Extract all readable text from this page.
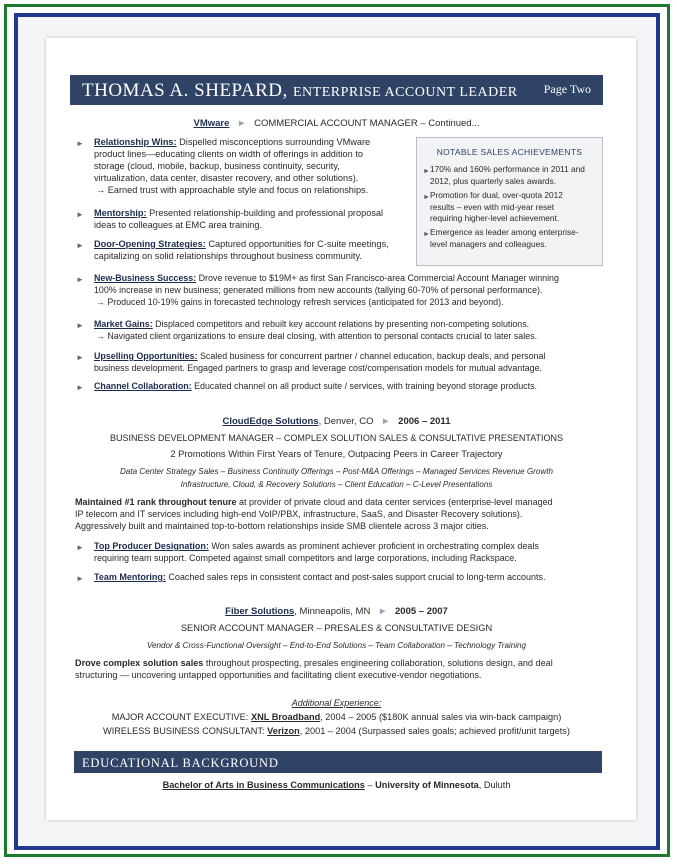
THOMAS A. SHEPARD, ENTERPRISE ACCOUNT LEADER Page Two
VMware ► COMMERCIAL ACCOUNT MANAGER – Continued...
NOTABLE SALES ACHIEVEMENTS
► 170% and 160% performance in 2011 and
2012, plus quarterly sales awards.
► Promotion for dual, over-quota 2012
results – even with mid-year reset
requiring higher-level achievement.
► Emergence as leader among enterprise-
level managers and colleagues.
► Relationship Wins: Dispelled misconceptions surrounding VMware
product lines—educating clients on width of offerings in addition to
storage (cloud, mobile, backup, business continuity, security,
virtualization, data center, disaster recovery, and other solutions).
→ Earned trust with approachable style and focus on relationships.
► Mentorship: Presented relationship-building and professional proposal
ideas to colleagues at EMC area training.
► Door-Opening Strategies: Captured opportunities for C-suite meetings,
capitalizing on solid relationships throughout business community.
► New-Business Success: Drove revenue to $19M+ as first San Francisco-area Commercial Account Manager winning
100% increase in new business; generated millions from new accounts (tallying 60-70% of personal performance).
→ Produced 10-19% gains in forecasted technology refresh services (anticipated for 2013 and beyond).
► Market Gains: Displaced competitors and rebuilt key account relations by presenting non-competing solutions.
→ Navigated client organizations to ensure deal closing, with attention to personal contacts crucial to later sales.
► Upselling Opportunities: Scaled business for concurrent partner / channel education, backup deals, and personal
business development. Engaged partners to grasp and leverage cost/compensation models for mutual advantage.
► Channel Collaboration: Educated channel on all product suite / services, with training beyond storage products.
CloudEdge Solutions, Denver, CO ► 2006 – 2011
BUSINESS DEVELOPMENT MANAGER – COMPLEX SOLUTION SALES & CONSULTATIVE PRESENTATIONS
2 Promotions Within First Years of Tenure, Outpacing Peers in Career Trajectory
Data Center Strategy Sales – Business Continuity Offerings – Post-M&A Offerings – Managed Services Revenue Growth
Infrastructure, Cloud, & Recovery Solutions – Client Education – C-Level Presentations
Maintained #1 rank throughout tenure at provider of private cloud and data center services (enterprise-level managed
IP telecom and IT services including high-end VoIP/PBX, infrastructure, SaaS, and Disaster Recovery solutions).
Aggressively built and maintained top-to-bottom relationships inside SMB clientele across 3 major cities.
► Top Producer Designation: Won sales awards as prominent achiever proficient in orchestrating complex deals
requiring team support. Competed against small competitors and large corporations, including Rackspace.
► Team Mentoring: Coached sales reps in consistent contact and post-sales support crucial to long-term accounts.
Fiber Solutions, Minneapolis, MN ► 2005 – 2007
SENIOR ACCOUNT MANAGER – PRESALES & CONSULTATIVE DESIGN
Vendor & Cross-Functional Oversight – End-to-End Solutions – Team Collaboration – Technology Training
Drove complex solution sales throughout prospecting, presales engineering collaboration, solutions design, and deal
structuring — uncovering untapped opportunities and facilitating client executive-vendor negotiations.
Additional Experience:
MAJOR ACCOUNT EXECUTIVE: XNL Broadband, 2004 – 2005 ($180K annual sales via win-back campaign)
WIRELESS BUSINESS CONSULTANT: Verizon, 2001 – 2004 (Surpassed sales goals; achieved profit/unit targets)
EDUCATIONAL BACKGROUND
Bachelor of Arts in Business Communications – University of Minnesota, Duluth
